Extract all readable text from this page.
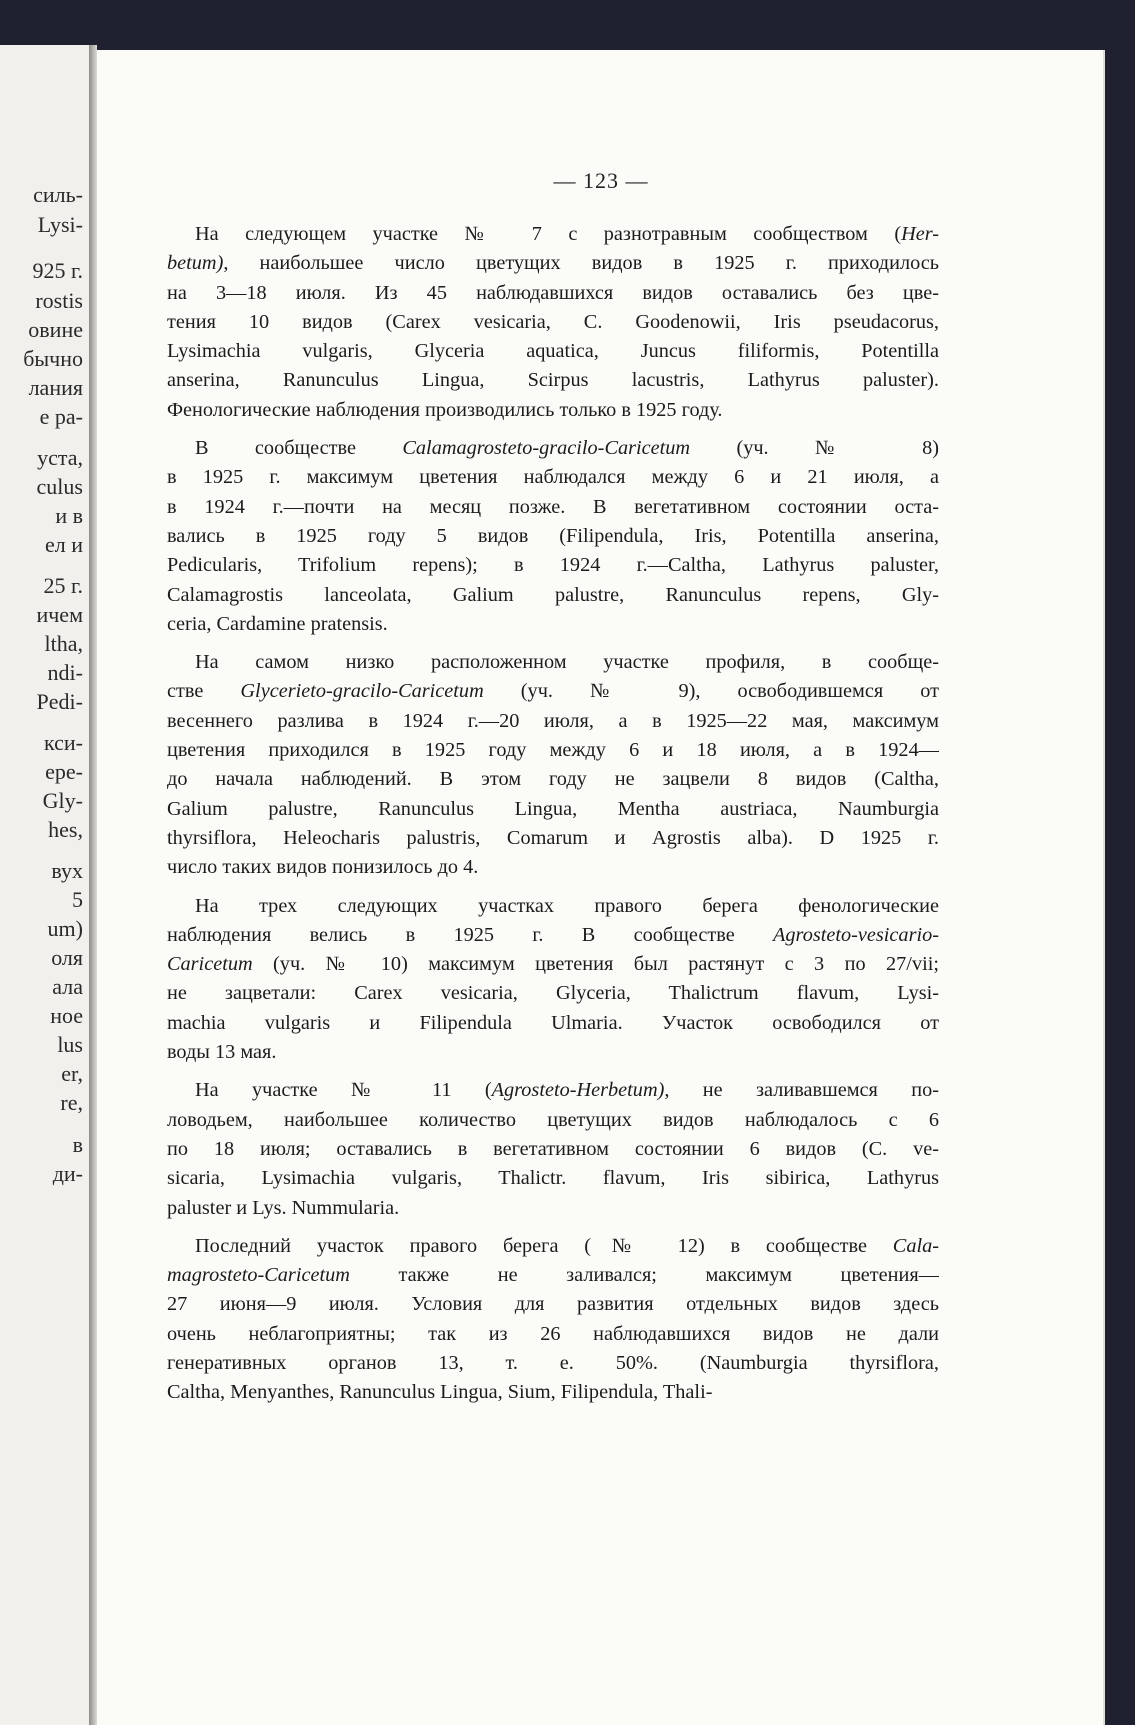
силь-
Lysi-
925 г.
rostis
овине
бычно
лания
е ра-
уста,
culus
и в
ел и
25 г.
ичем
ltha,
ndi-
Pedi-
кси-
ере-
Gly-
hes,
вух
5
um)
оля
ала
ное
lus
er,
re,
в
ди-
— 123 —
На следующем участке № 7 с разнотравным сообществом (Her-
betum), наибольшее число цветущих видов в 1925 г. приходилось
на 3—18 июля. Из 45 наблюдавшихся видов оставались без цве-
тения 10 видов (Carex vesicaria, C. Goodenowii, Iris pseudacorus,
Lysimachia vulgaris, Glyceria aquatica, Juncus filiformis, Potentilla
anserina, Ranunculus Lingua, Scirpus lacustris, Lathyrus paluster).
Фенологические наблюдения производились только в 1925 году.
В сообществе Calamagrosteto-gracilo-Caricetum (уч. № 8)
в 1925 г. максимум цветения наблюдался между 6 и 21 июля, а
в 1924 г.—почти на месяц позже. В вегетативном состоянии оста-
вались в 1925 году 5 видов (Filipendula, Iris, Potentilla anserina,
Pedicularis, Trifolium repens); в 1924 г.—Caltha, Lathyrus paluster,
Calamagrostis lanceolata, Galium palustre, Ranunculus repens, Gly-
ceria, Cardamine pratensis.
На самом низко расположенном участке профиля, в сообще-
стве Glycerieto-gracilo-Caricetum (уч. № 9), освободившемся от
весеннего разлива в 1924 г.—20 июля, а в 1925—22 мая, максимум
цветения приходился в 1925 году между 6 и 18 июля, а в 1924—
до начала наблюдений. В этом году не зацвели 8 видов (Caltha,
Galium palustre, Ranunculus Lingua, Mentha austriaca, Naumburgia
thyrsiflora, Heleocharis palustris, Comarum и Agrostis alba). D 1925 г.
число таких видов понизилось до 4.
На трех следующих участках правого берега фенологические
наблюдения велись в 1925 г. В сообществе Agrosteto-vesicario-
Caricetum (уч. № 10) максимум цветения был растянут с 3 по 27/vii;
не зацветали: Carex vesicaria, Glyceria, Thalictrum flavum, Lysi-
machia vulgaris и Filipendula Ulmaria. Участок освободился от
воды 13 мая.
На участке № 11 (Agrosteto-Herbetum), не заливавшемся по-
ловодьем, наибольшее количество цветущих видов наблюдалось с 6
по 18 июля; оставались в вегетативном состоянии 6 видов (C. ve-
sicaria, Lysimachia vulgaris, Thalictr. flavum, Iris sibirica, Lathyrus
paluster и Lys. Nummularia.
Последний участок правого берега (№ 12) в сообществе Cala-
magrosteto-Caricetum также не заливался; максимум цветения—
27 июня—9 июля. Условия для развития отдельных видов здесь
очень неблагоприятны; так из 26 наблюдавшихся видов не дали
генеративных органов 13, т. е. 50%. (Naumburgia thyrsiflora,
Caltha, Menyanthes, Ranunculus Lingua, Sium, Filipendula, Thali-
